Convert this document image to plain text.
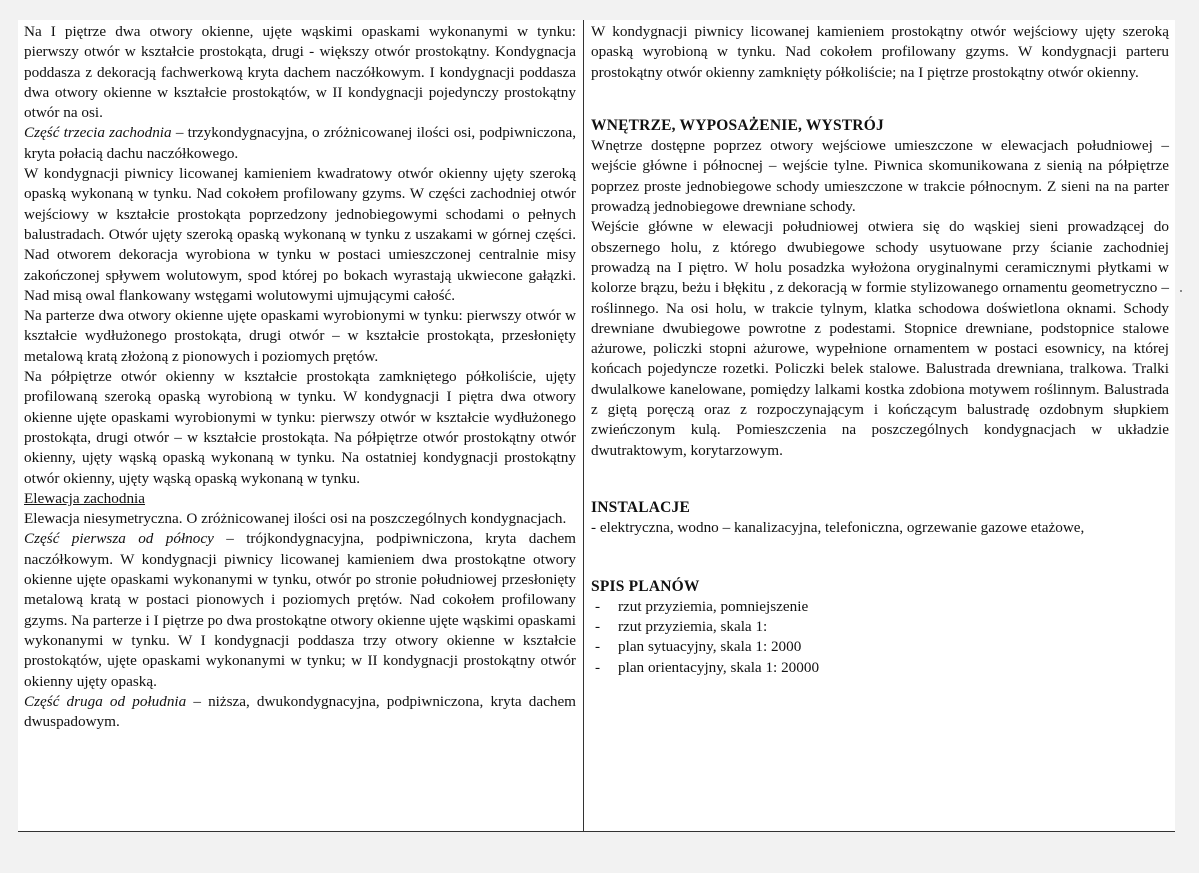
Na I piętrze dwa otwory okienne, ujęte wąskimi opaskami wykonanymi w tynku: pierwszy otwór w kształcie prostokąta, drugi - większy otwór prostokątny. Kondygnacja poddasza z dekoracją fachwerkową kryta dachem naczółkowym. I kondygnacji poddasza dwa otwory okienne w kształcie prostokątów, w II kondygnacji pojedynczy prostokątny otwór na osi.
Część trzecia zachodnia – trzykondygnacyjna, o zróżnicowanej ilości osi, podpiwniczona, kryta połacią dachu naczółkowego.
W kondygnacji piwnicy licowanej kamieniem kwadratowy otwór okienny ujęty szeroką opaską wykonaną w tynku. Nad cokołem profilowany gzyms. W części zachodniej otwór wejściowy w kształcie prostokąta poprzedzony jednobiegowymi schodami o pełnych balustradach. Otwór ujęty szeroką opaską wykonaną w tynku z uszakami w górnej części. Nad otworem dekoracja wyrobiona w tynku w postaci umieszczonej centralnie misy zakończonej spływem wolutowym, spod której po bokach wyrastają ukwiecone gałązki. Nad misą owal flankowany wstęgami wolutowymi ujmującymi całość.
Na parterze dwa otwory okienne ujęte opaskami wyrobionymi w tynku: pierwszy otwór w kształcie wydłużonego prostokąta, drugi otwór – w kształcie prostokąta, przesłonięty metalową kratą złożoną z pionowych i poziomych prętów.
Na półpiętrze otwór okienny w kształcie prostokąta zamkniętego półkoliście, ujęty profilowaną szeroką opaską wyrobioną w tynku. W kondygnacji I piętra dwa otwory okienne ujęte opaskami wyrobionymi w tynku: pierwszy otwór w kształcie wydłużonego prostokąta, drugi otwór – w kształcie prostokąta. Na półpiętrze otwór prostokątny otwór okienny, ujęty wąską opaską wykonaną w tynku. Na ostatniej kondygnacji prostokątny otwór okienny, ujęty wąską opaską wykonaną w tynku.
Elewacja zachodnia
Elewacja niesymetryczna. O zróżnicowanej ilości osi na poszczególnych kondygnacjach.
Część pierwsza od północy – trójkondygnacyjna, podpiwniczona, kryta dachem naczółkowym. W kondygnacji piwnicy licowanej kamieniem dwa prostokątne otwory okienne ujęte opaskami wykonanymi w tynku, otwór po stronie południowej przesłonięty metalową kratą w postaci pionowych i poziomych prętów. Nad cokołem profilowany gzyms. Na parterze i I piętrze po dwa prostokątne otwory okienne ujęte wąskimi opaskami wykonanymi w tynku. W I kondygnacji poddasza trzy otwory okienne w kształcie prostokątów, ujęte opaskami wykonanymi w tynku; w II kondygnacji prostokątny otwór okienny ujęty opaską.
Część druga od południa – niższa, dwukondygnacyjna, podpiwniczona, kryta dachem dwuspadowym.
W kondygnacji piwnicy licowanej kamieniem prostokątny otwór wejściowy ujęty szeroką opaską wyrobioną w tynku. Nad cokołem profilowany gzyms. W kondygnacji parteru prostokątny otwór okienny zamknięty półkoliście; na I piętrze prostokątny otwór okienny.
WNĘTRZE, WYPOSAŻENIE, WYSTRÓJ
Wnętrze dostępne poprzez otwory wejściowe umieszczone w elewacjach południowej – wejście główne i północnej – wejście tylne. Piwnica skomunikowana z sienią na półpiętrze poprzez proste jednobiegowe schody umieszczone w trakcie północnym. Z sieni na na parter prowadzą jednobiegowe drewniane schody.
Wejście główne w elewacji południowej otwiera się do wąskiej sieni prowadzącej do obszernego holu, z którego dwubiegowe schody usytuowane przy ścianie zachodniej prowadzą na I piętro. W holu posadzka wyłożona oryginalnymi ceramicznymi płytkami w kolorze brązu, beżu i błękitu , z dekoracją w formie stylizowanego ornamentu geometryczno –roślinnego. Na osi holu, w trakcie tylnym, klatka schodowa doświetlona oknami. Schody drewniane dwubiegowe powrotne z podestami. Stopnice drewniane, podstopnice stalowe ażurowe, policzki stopni ażurowe, wypełnione ornamentem w postaci esownicy, na której końcach pojedyncze rozetki. Policzki belek stalowe. Balustrada drewniana, tralkowa. Tralki dwulalkowe kanelowane, pomiędzy lalkami kostka zdobiona motywem roślinnym. Balustrada z giętą poręczą oraz z rozpoczynającym i kończącym balustradę ozdobnym słupkiem zwieńczonym kulą. Pomieszczenia na poszczególnych kondygnacjach w układzie dwutraktowym, korytarzowym.
INSTALACJE
- elektryczna, wodno – kanalizacyjna, telefoniczna, ogrzewanie gazowe etażowe,
SPIS PLANÓW
- rzut przyziemia, pomniejszenie
- rzut przyziemia, skala 1:
- plan sytuacyjny, skala 1: 2000
- plan orientacyjny, skala 1: 20000
